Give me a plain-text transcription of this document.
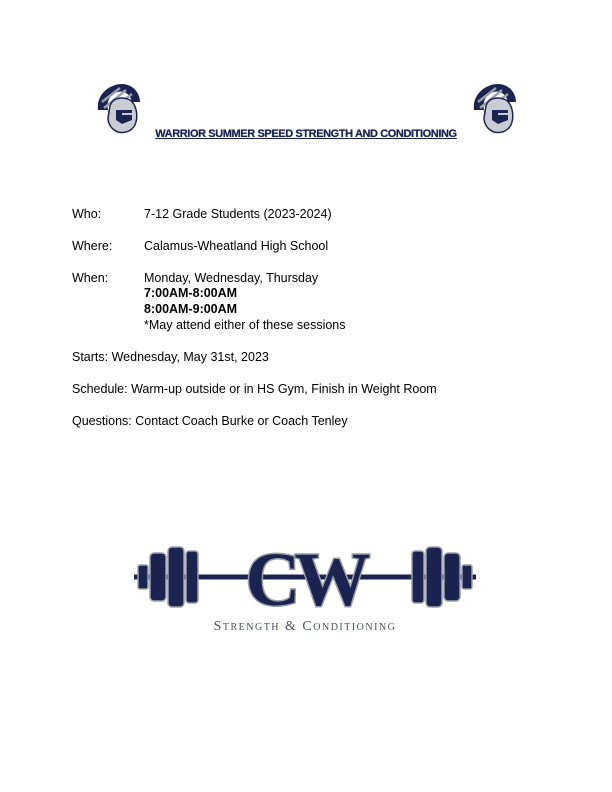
WARRIOR SUMMER SPEED STRENGTH AND CONDITIONING
Who:	7-12 Grade Students (2023-2024)
Where:	Calamus-Wheatland High School
When:	Monday, Wednesday, Thursday
7:00AM-8:00AM
8:00AM-9:00AM
*May attend either of these sessions
Starts: Wednesday, May 31st, 2023
Schedule: Warm-up outside or in HS Gym, Finish in Weight Room
Questions: Contact Coach Burke or Coach Tenley
CW
Strength & Conditioning
